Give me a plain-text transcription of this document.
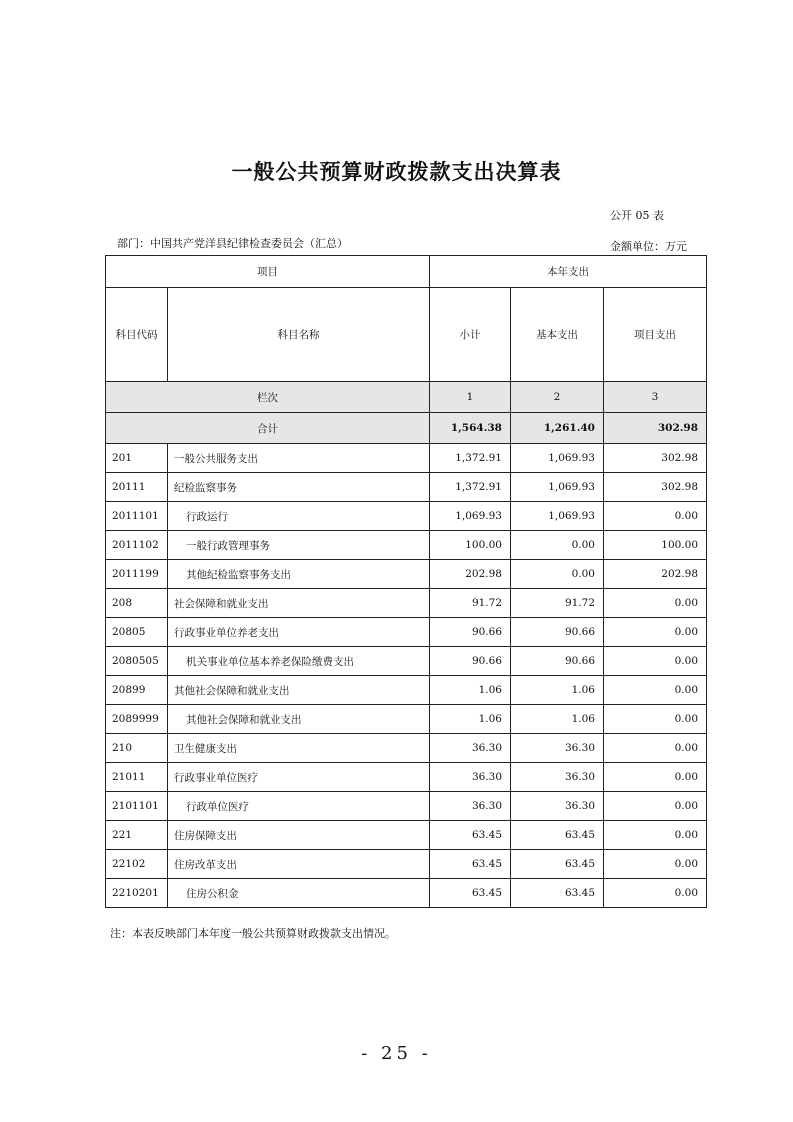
一般公共预算财政拨款支出决算表
公开 05 表
部门：中国共产党洋县纪律检查委员会（汇总）	金额单位：万元
项目		本年支出		
科目代码	科目名称	小计	基本支出	项目支出
栏次		1	2	3
合计		1,564.38	1,261.40	302.98
201	一般公共服务支出	1,372.91	1,069.93	302.98
20111	纪检监察事务	1,372.91	1,069.93	302.98
2011101	行政运行	1,069.93	1,069.93	0.00
2011102	一般行政管理事务	100.00	0.00	100.00
2011199	其他纪检监察事务支出	202.98	0.00	202.98
208	社会保障和就业支出	91.72	91.72	0.00
20805	行政事业单位养老支出	90.66	90.66	0.00
2080505	机关事业单位基本养老保险缴费支出	90.66	90.66	0.00
20899	其他社会保障和就业支出	1.06	1.06	0.00
2089999	其他社会保障和就业支出	1.06	1.06	0.00
210	卫生健康支出	36.30	36.30	0.00
21011	行政事业单位医疗	36.30	36.30	0.00
2101101	行政单位医疗	36.30	36.30	0.00
221	住房保障支出	63.45	63.45	0.00
22102	住房改革支出	63.45	63.45	0.00
2210201	住房公积金	63.45	63.45	0.00
注：本表反映部门本年度一般公共预算财政拨款支出情况。
- 25 -
